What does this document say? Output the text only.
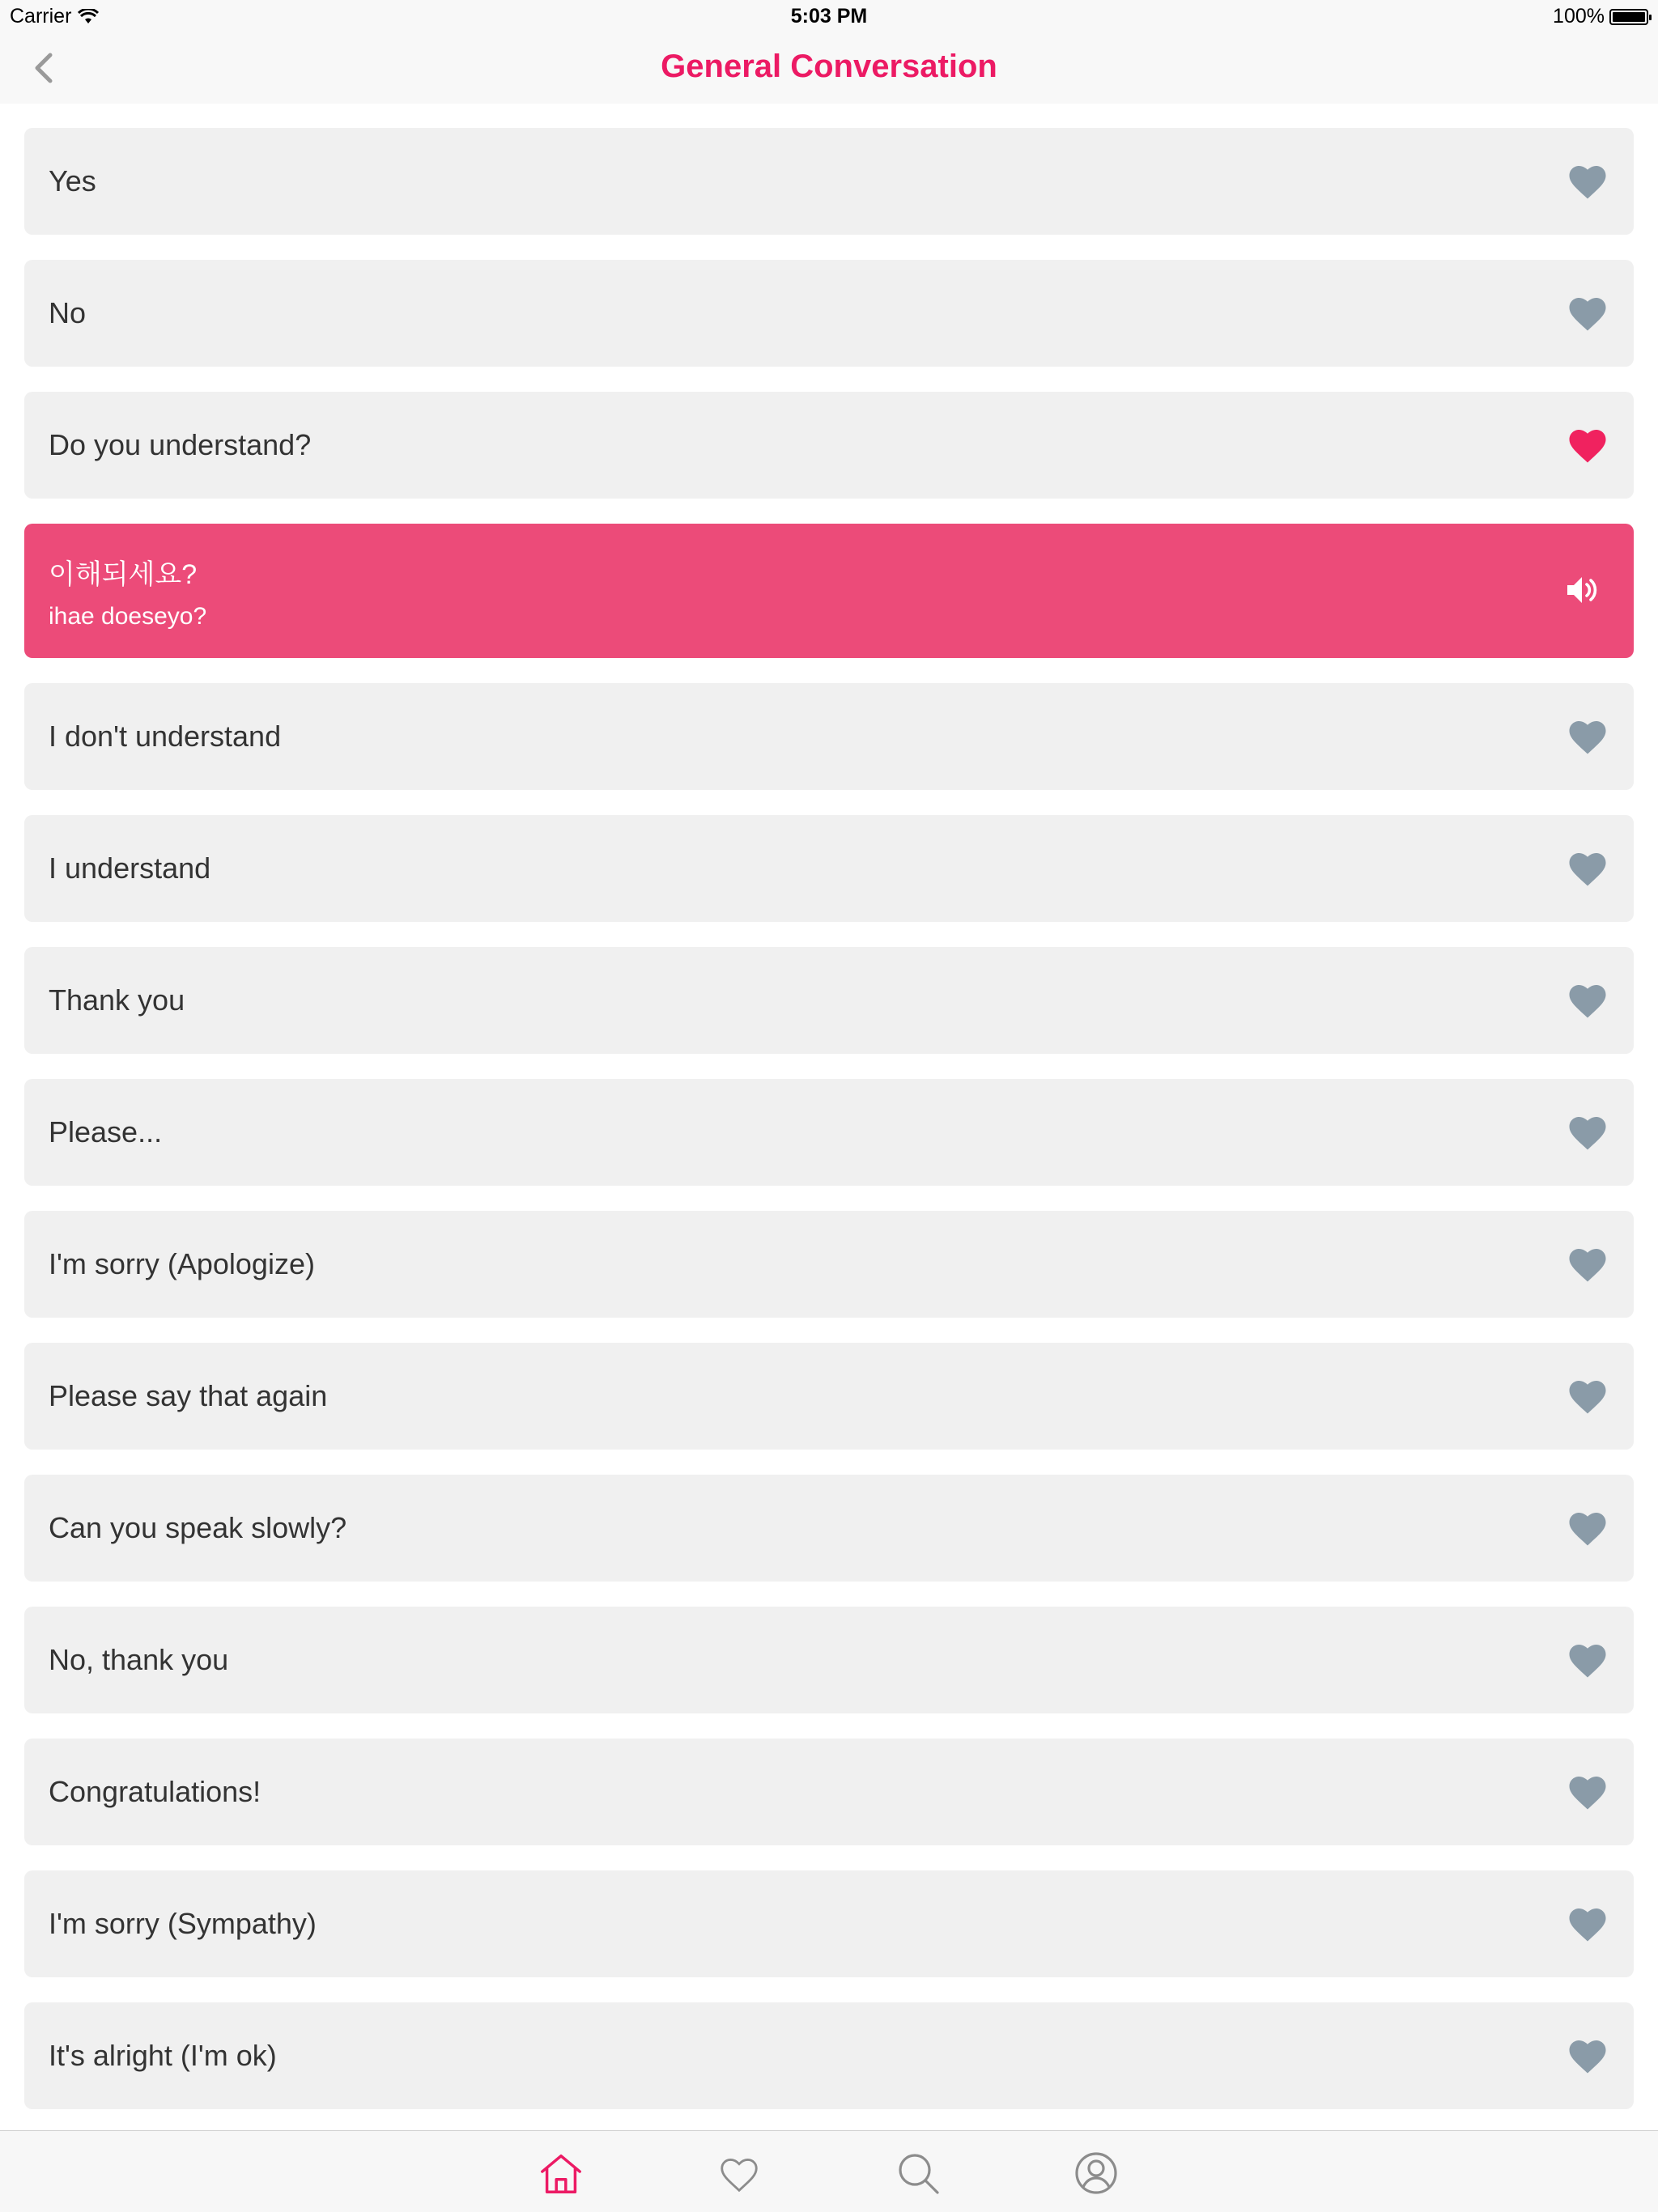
Carrier	5:03 PM	100%
General Conversation
Yes
No
Do you understand?
이해되세요?
ihae doeseyo?
I don't understand
I understand
Thank you
Please...
I'm sorry (Apologize)
Please say that again
Can you speak slowly?
No, thank you
Congratulations!
I'm sorry (Sympathy)
It's alright (I'm ok)
